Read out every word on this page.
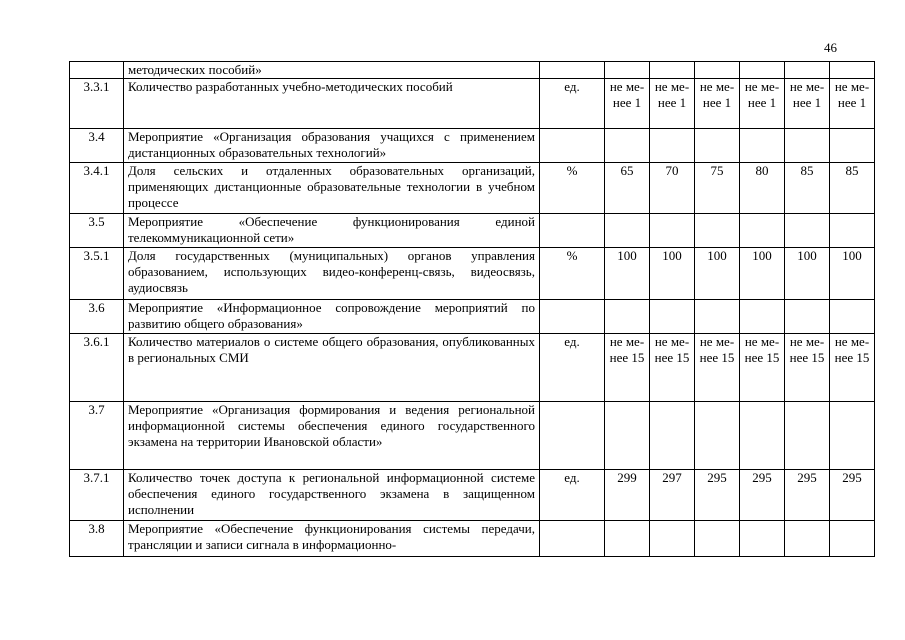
46
	методических пособий»							
3.3.1	Количество разработанных учебно-методических пособий	ед.	не ме-нее 1	не ме-нее 1	не ме-нее 1	не ме-нее 1	не ме-нее 1	не ме-нее 1
3.4	Мероприятие «Организация образования учащихся с применением дистанционных образовательных технологий»							
3.4.1	Доля сельских и отдаленных образовательных организаций, применяющих дистанционные образовательные технологии в учебном процессе	%	65	70	75	80	85	85
3.5	Мероприятие «Обеспечение функционирования единой телекоммуникационной сети»							
3.5.1	Доля государственных (муниципальных) органов управления образованием, использующих видео-конференц-связь, видеосвязь, аудиосвязь	%	100	100	100	100	100	100
3.6	Мероприятие «Информационное сопровождение мероприятий по развитию общего образования»							
3.6.1	Количество материалов о системе общего образования, опубликованных в региональных СМИ	ед.	не ме-нее 15	не ме-нее 15	не ме-нее 15	не ме-нее 15	не ме-нее 15	не ме-нее 15
3.7	Мероприятие «Организация формирования и ведения региональной информационной системы обеспечения единого государственного экзамена на территории Ивановской области»							
3.7.1	Количество точек доступа к региональной информационной системе обеспечения единого государственного экзамена в защищенном исполнении	ед.	299	297	295	295	295	295
3.8	Мероприятие «Обеспечение функционирования системы передачи, трансляции и записи сигнала в информационно-							
